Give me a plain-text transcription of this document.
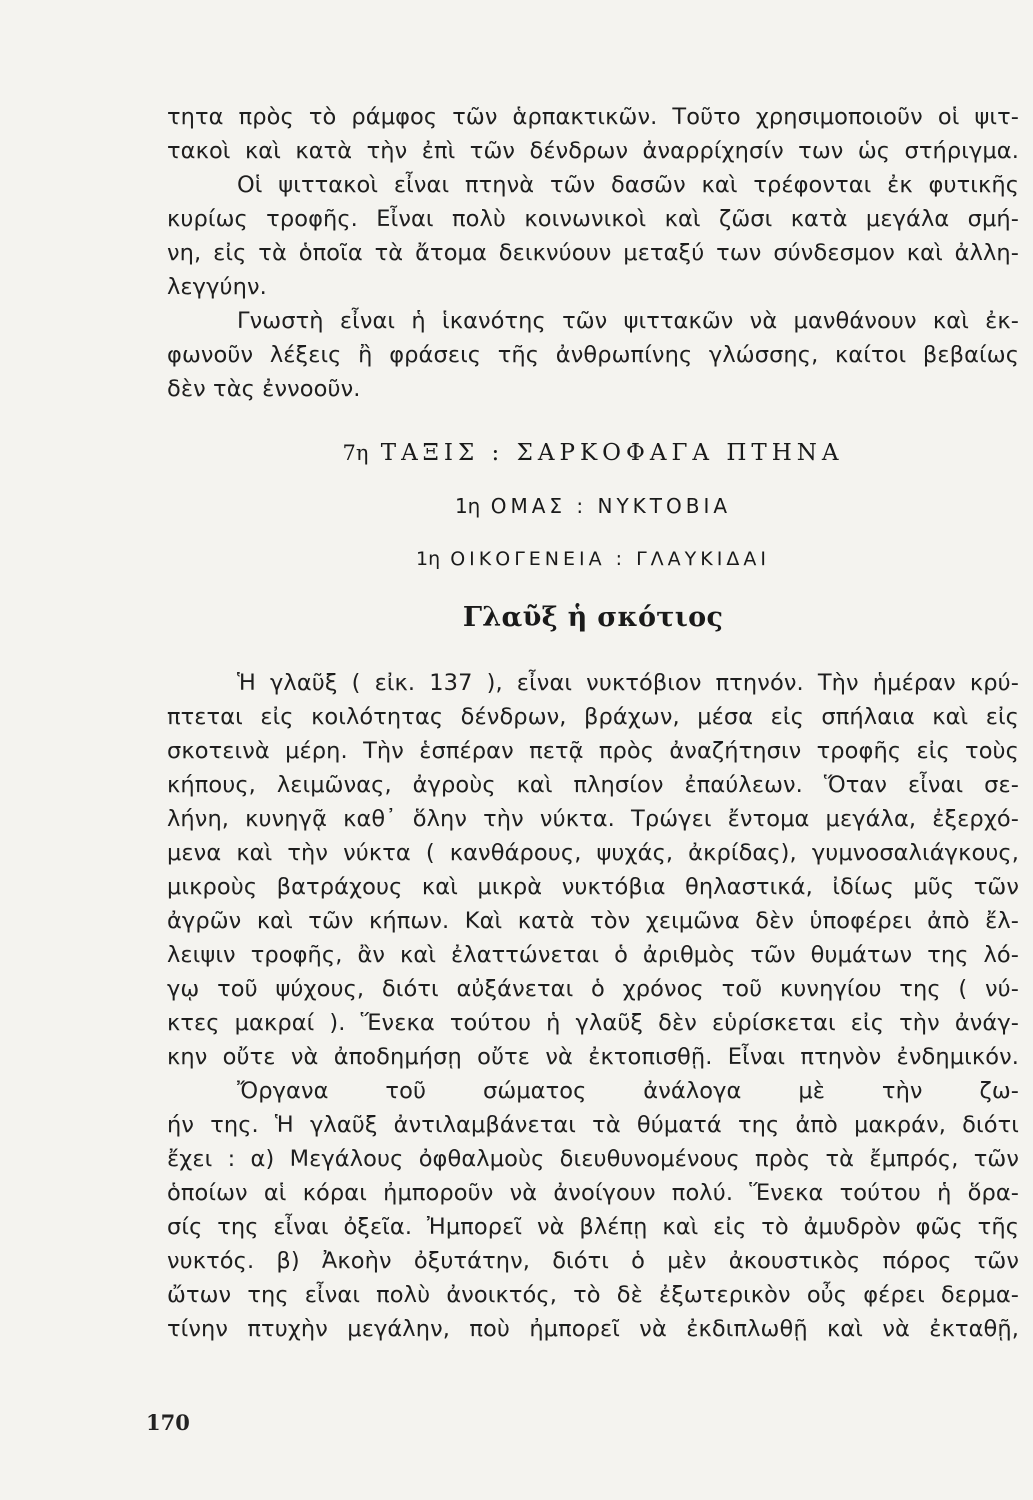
τητα πρὸς τὸ ράμφος τῶν ἁρπακτικῶν. Τοῦτο χρησιμοποιοῦν οἱ ψιτ-
τακοὶ καὶ κατὰ τὴν ἐπὶ τῶν δένδρων ἀναρρίχησίν των ὡς στήριγμα.
Οἱ ψιττακοὶ εἶναι πτηνὰ τῶν δασῶν καὶ τρέφονται ἐκ φυτικῆς
κυρίως τροφῆς. Εἶναι πολὺ κοινωνικοὶ καὶ ζῶσι κατὰ μεγάλα σμή-
νη, εἰς τὰ ὁποῖα τὰ ἄτομα δεικνύουν μεταξύ των σύνδεσμον καὶ ἀλλη-
λεγγύην.
Γνωστὴ εἶναι ἡ ἱκανότης τῶν ψιττακῶν νὰ μανθάνουν καὶ ἐκ-
φωνοῦν λέξεις ἢ φράσεις τῆς ἀνθρωπίνης γλώσσης, καίτοι βεβαίως
δὲν τὰς ἐννοοῦν.
7η ΤΑΞΙΣ : ΣΑΡΚΟΦΑΓΑ ΠΤΗΝΑ
1η ΟΜΑΣ : ΝΥΚΤΟΒΙΑ
1η ΟΙΚΟΓΕΝΕΙΑ : ΓΛΑΥΚΙΔΑΙ
Γλαῦξ ἡ σκότιος
Ἡ γλαῦξ ( εἰκ. 137 ), εἶναι νυκτόβιον πτηνόν. Τὴν ἡμέραν κρύ-
πτεται εἰς κοιλότητας δένδρων, βράχων, μέσα εἰς σπήλαια καὶ εἰς
σκοτεινὰ μέρη. Τὴν ἑσπέραν πετᾷ πρὸς ἀναζήτησιν τροφῆς εἰς τοὺς
κήπους, λειμῶνας, ἀγροὺς καὶ πλησίον ἐπαύλεων. Ὅταν εἶναι σε-
λήνη, κυνηγᾷ καθ᾽ ὅλην τὴν νύκτα. Τρώγει ἔντομα μεγάλα, ἐξερχό-
μενα καὶ τὴν νύκτα ( κανθάρους, ψυχάς, ἀκρίδας), γυμνοσαλιάγκους,
μικροὺς βατράχους καὶ μικρὰ νυκτόβια θηλαστικά, ἰδίως μῦς τῶν
ἀγρῶν καὶ τῶν κήπων. Καὶ κατὰ τὸν χειμῶνα δὲν ὑποφέρει ἀπὸ ἔλ-
λειψιν τροφῆς, ἂν καὶ ἐλαττώνεται ὁ ἀριθμὸς τῶν θυμάτων της λό-
γῳ τοῦ ψύχους, διότι αὐξάνεται ὁ χρόνος τοῦ κυνηγίου της ( νύ-
κτες μακραί ). Ἕνεκα τούτου ἡ γλαῦξ δὲν εὑρίσκεται εἰς τὴν ἀνάγ-
κην οὔτε νὰ ἀποδημήσῃ οὔτε νὰ ἐκτοπισθῇ. Εἶναι πτηνὸν ἐνδημικόν.
Ὄργανα τοῦ σώματος ἀνάλογα μὲ τὴν ζω-
ήν της. Ἡ γλαῦξ ἀντιλαμβάνεται τὰ θύματά της ἀπὸ μακράν, διότι
ἔχει : α) Μεγάλους ὀφθαλμοὺς διευθυνομένους πρὸς τὰ ἔμπρός, τῶν
ὁποίων αἱ κόραι ἠμποροῦν νὰ ἀνοίγουν πολύ. Ἕνεκα τούτου ἡ ὅρα-
σίς της εἶναι ὀξεῖα. Ἠμπορεῖ νὰ βλέπῃ καὶ εἰς τὸ ἀμυδρὸν φῶς τῆς
νυκτός. β) Ἀκοὴν ὀξυτάτην, διότι ὁ μὲν ἀκουστικὸς πόρος τῶν
ὤτων της εἶναι πολὺ ἀνοικτός, τὸ δὲ ἐξωτερικὸν οὖς φέρει δερμα-
τίνην πτυχὴν μεγάλην, ποὺ ἠμπορεῖ νὰ ἐκδιπλωθῇ καὶ νὰ ἐκταθῇ,
170
